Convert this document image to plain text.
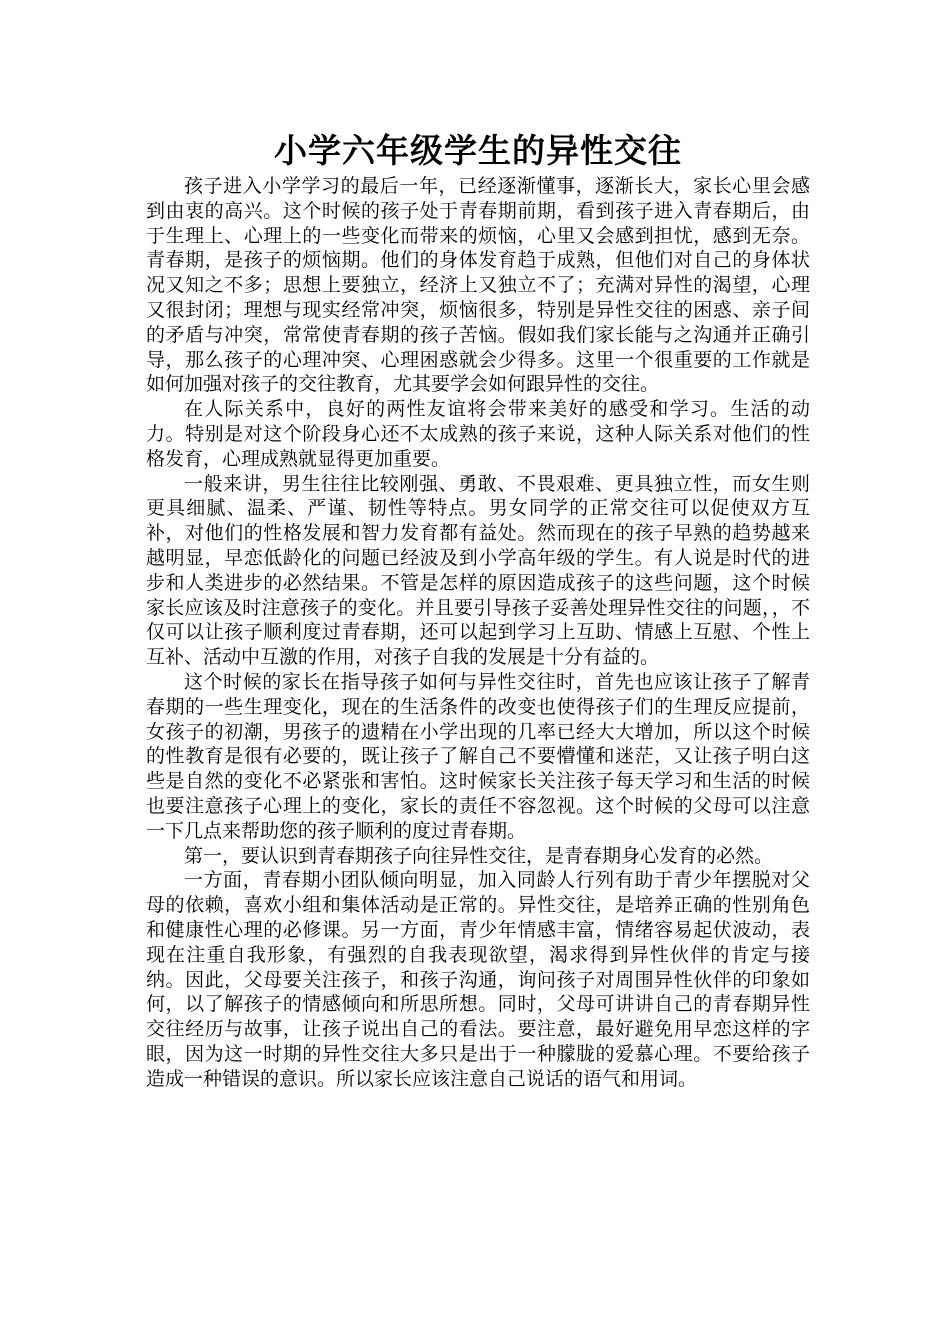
小学六年级学生的异性交往

孩子进入小学学习的最后一年，已经逐渐懂事，逐渐长大，家长心里会感到由衷的高兴。这个时候的孩子处于青春期前期，看到孩子进入青春期后，由于生理上、心理上的一些变化而带来的烦恼，心里又会感到担忧，感到无奈。青春期，是孩子的烦恼期。他们的身体发育趋于成熟，但他们对自己的身体状况又知之不多；思想上要独立，经济上又独立不了；充满对异性的渴望，心理又很封闭；理想与现实经常冲突，烦恼很多，特别是异性交往的困惑、亲子间的矛盾与冲突，常常使青春期的孩子苦恼。假如我们家长能与之沟通并正确引导，那么孩子的心理冲突、心理困惑就会少得多。这里一个很重要的工作就是如何加强对孩子的交往教育，尤其要学会如何跟异性的交往。

在人际关系中，良好的两性友谊将会带来美好的感受和学习。生活的动力。特别是对这个阶段身心还不太成熟的孩子来说，这种人际关系对他们的性格发育，心理成熟就显得更加重要。

一般来讲，男生往往比较刚强、勇敢、不畏艰难、更具独立性，而女生则更具细腻、温柔、严谨、韧性等特点。男女同学的正常交往可以促使双方互补，对他们的性格发展和智力发育都有益处。然而现在的孩子早熟的趋势越来越明显，早恋低龄化的问题已经波及到小学高年级的学生。有人说是时代的进步和人类进步的必然结果。不管是怎样的原因造成孩子的这些问题，这个时候家长应该及时注意孩子的变化。并且要引导孩子妥善处理异性交往的问题，，不仅可以让孩子顺利度过青春期，还可以起到学习上互助、情感上互慰、个性上互补、活动中互激的作用，对孩子自我的发展是十分有益的。

这个时候的家长在指导孩子如何与异性交往时，首先也应该让孩子了解青春期的一些生理变化，现在的生活条件的改变也使得孩子们的生理反应提前，女孩子的初潮，男孩子的遗精在小学出现的几率已经大大增加，所以这个时候的性教育是很有必要的，既让孩子了解自己不要懵懂和迷茫，又让孩子明白这些是自然的变化不必紧张和害怕。这时候家长关注孩子每天学习和生活的时候也要注意孩子心理上的变化，家长的责任不容忽视。这个时候的父母可以注意一下几点来帮助您的孩子顺利的度过青春期。

第一，要认识到青春期孩子向往异性交往，是青春期身心发育的必然。

一方面，青春期小团队倾向明显，加入同龄人行列有助于青少年摆脱对父母的依赖，喜欢小组和集体活动是正常的。异性交往，是培养正确的性别角色和健康性心理的必修课。另一方面，青少年情感丰富，情绪容易起伏波动，表现在注重自我形象，有强烈的自我表现欲望，渴求得到异性伙伴的肯定与接纳。因此，父母要关注孩子，和孩子沟通，询问孩子对周围异性伙伴的印象如何，以了解孩子的情感倾向和所思所想。同时，父母可讲讲自己的青春期异性交往经历与故事，让孩子说出自己的看法。要注意，最好避免用早恋这样的字眼，因为这一时期的异性交往大多只是出于一种朦胧的爱慕心理。不要给孩子造成一种错误的意识。所以家长应该注意自己说话的语气和用词。
